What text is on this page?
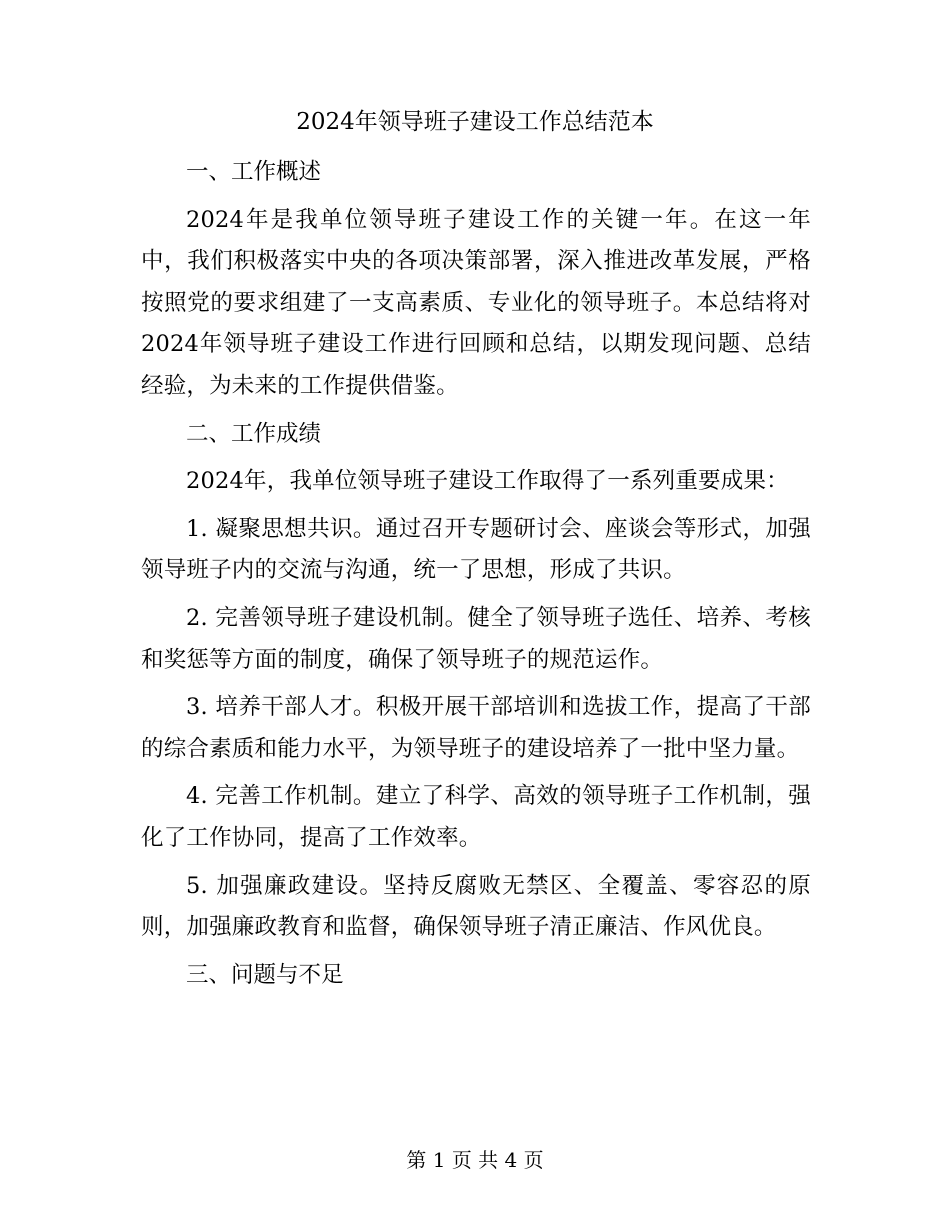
2024年领导班子建设工作总结范本

一、工作概述

2024年是我单位领导班子建设工作的关键一年。在这一年中，我们积极落实中央的各项决策部署，深入推进改革发展，严格按照党的要求组建了一支高素质、专业化的领导班子。本总结将对2024年领导班子建设工作进行回顾和总结，以期发现问题、总结经验，为未来的工作提供借鉴。

二、工作成绩

2024年，我单位领导班子建设工作取得了一系列重要成果：

1. 凝聚思想共识。通过召开专题研讨会、座谈会等形式，加强领导班子内的交流与沟通，统一了思想，形成了共识。

2. 完善领导班子建设机制。健全了领导班子选任、培养、考核和奖惩等方面的制度，确保了领导班子的规范运作。

3. 培养干部人才。积极开展干部培训和选拔工作，提高了干部的综合素质和能力水平，为领导班子的建设培养了一批中坚力量。

4. 完善工作机制。建立了科学、高效的领导班子工作机制，强化了工作协同，提高了工作效率。

5. 加强廉政建设。坚持反腐败无禁区、全覆盖、零容忍的原则，加强廉政教育和监督，确保领导班子清正廉洁、作风优良。

三、问题与不足

第 1 页 共 4 页
